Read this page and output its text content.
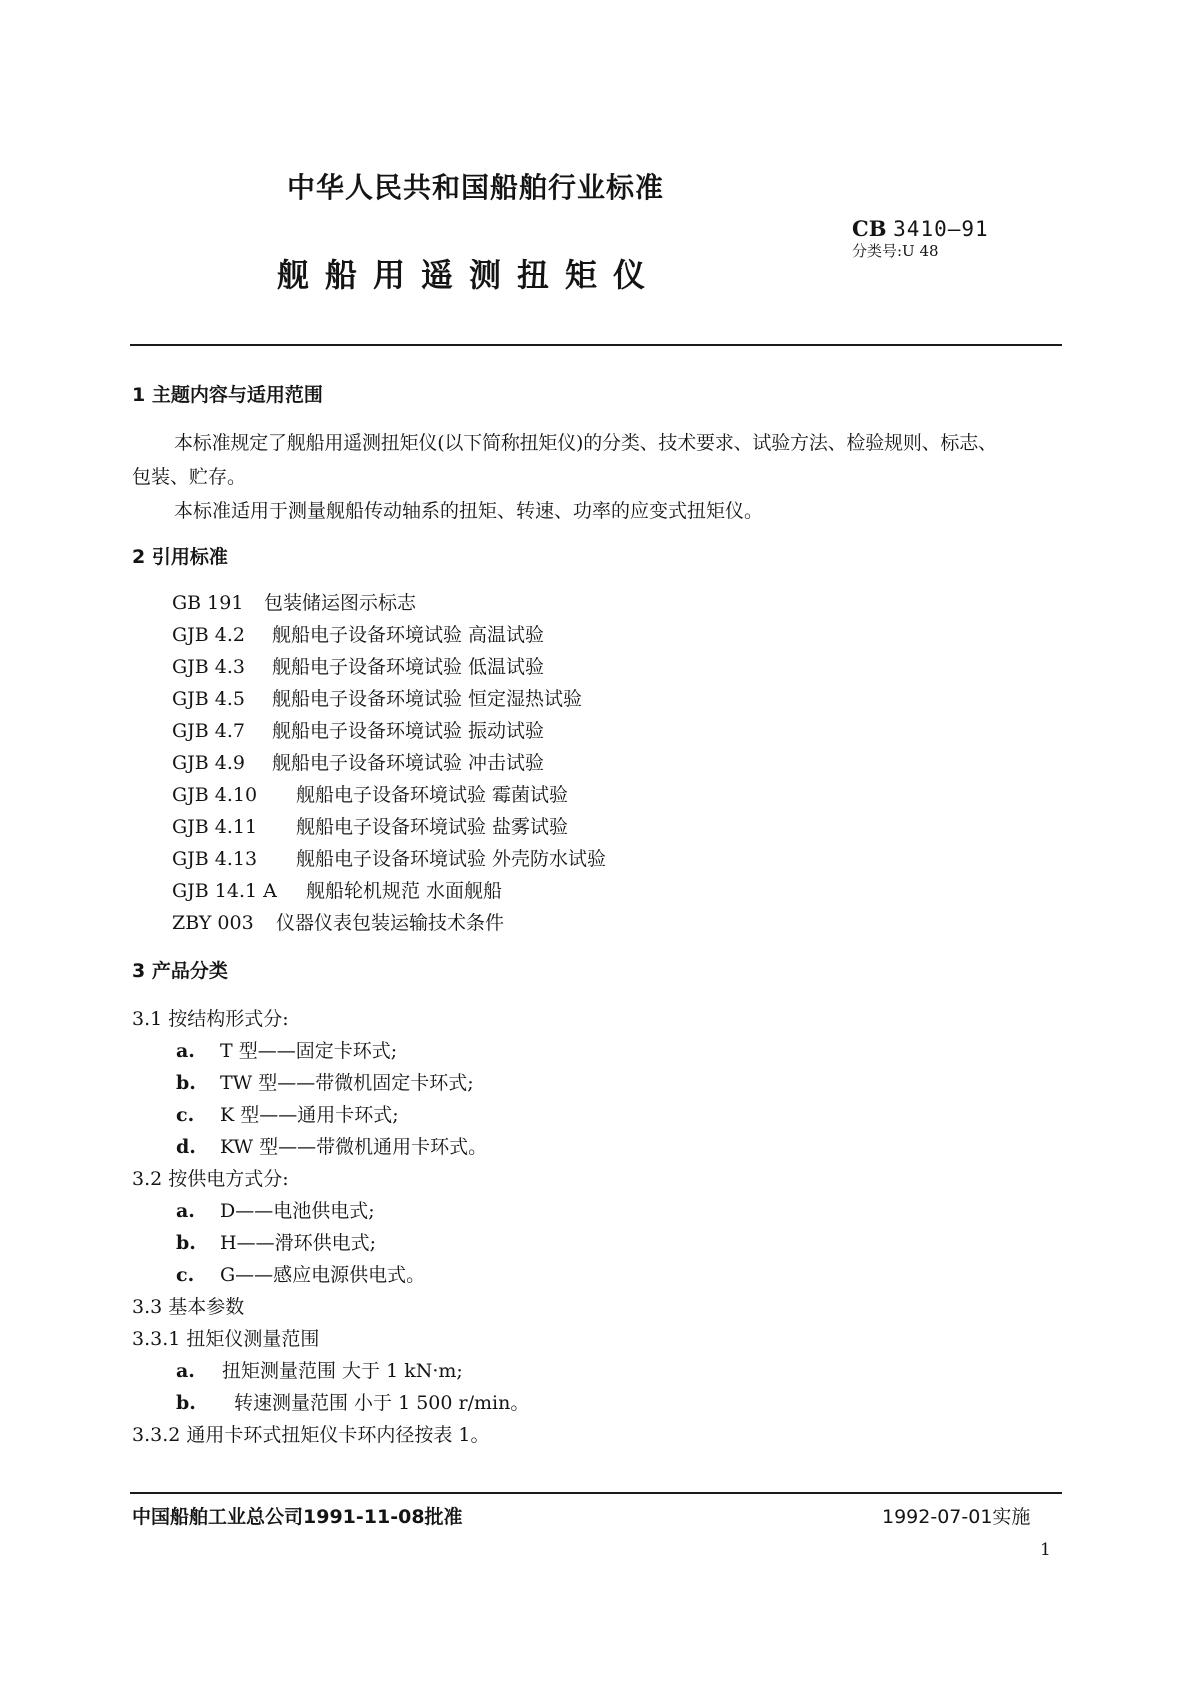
中华人民共和国船舶行业标准
舰船用遥测扭矩仪
CB 3410—91
分类号:U 48
1 主题内容与适用范围
本标准规定了舰船用遥测扭矩仪(以下简称扭矩仪)的分类、技术要求、试验方法、检验规则、标志、
包装、贮存。
本标准适用于测量舰船传动轴系的扭矩、转速、功率的应变式扭矩仪。
2 引用标准
GB 191 包装储运图示标志
GJB 4.2 舰船电子设备环境试验 高温试验
GJB 4.3 舰船电子设备环境试验 低温试验
GJB 4.5 舰船电子设备环境试验 恒定湿热试验
GJB 4.7 舰船电子设备环境试验 振动试验
GJB 4.9 舰船电子设备环境试验 冲击试验
GJB 4.10 舰船电子设备环境试验 霉菌试验
GJB 4.11 舰船电子设备环境试验 盐雾试验
GJB 4.13 舰船电子设备环境试验 外壳防水试验
GJB 14.1 A 舰船轮机规范 水面舰船
ZBY 003 仪器仪表包装运输技术条件
3 产品分类
3.1 按结构形式分:
a. T 型——固定卡环式;
b. TW 型——带微机固定卡环式;
c. K 型——通用卡环式;
d. KW 型——带微机通用卡环式。
3.2 按供电方式分:
a. D——电池供电式;
b. H——滑环供电式;
c. G——感应电源供电式。
3.3 基本参数
3.3.1 扭矩仪测量范围
a. 扭矩测量范围 大于 1 kN·m;
b. 转速测量范围 小于 1 500 r/min。
3.3.2 通用卡环式扭矩仪卡环内径按表 1。
中国船舶工业总公司1991-11-08批准	1992-07-01实施
1
